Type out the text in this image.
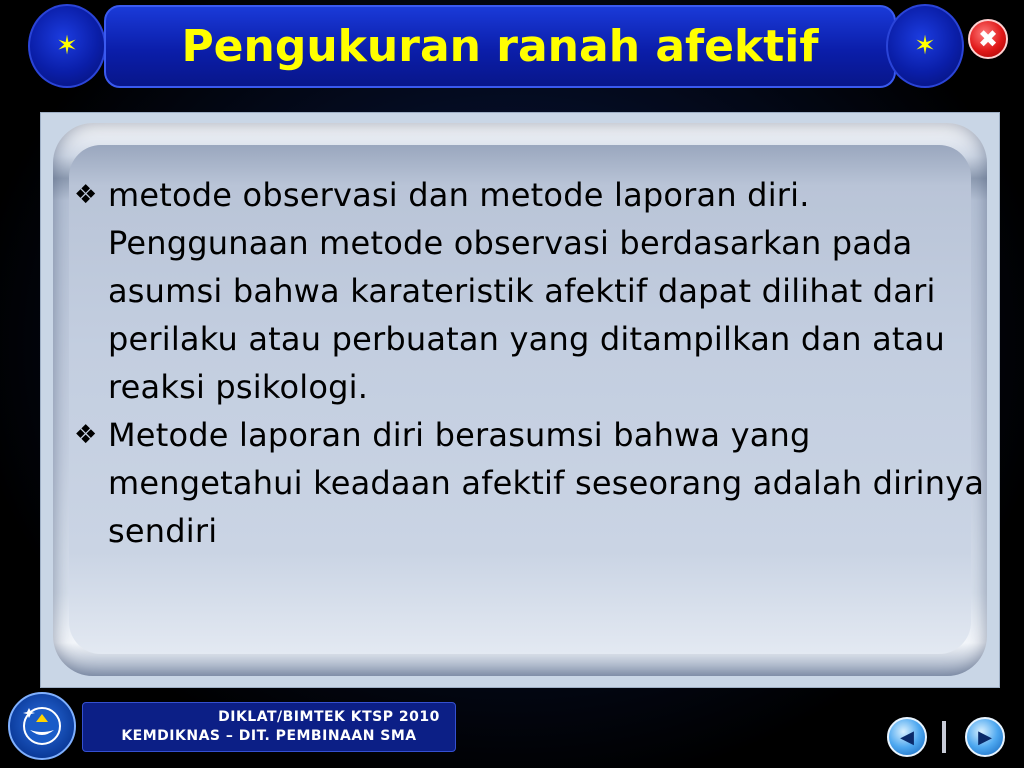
✶ Pengukuran ranah afektif	✶ ✖
❖ metode observasi dan metode laporan diri. Penggunaan metode observasi berdasarkan pada asumsi bahwa karateristik afektif dapat dilihat dari perilaku atau perbuatan yang ditampilkan dan atau reaksi psikologi.
❖ Metode laporan diri berasumsi bahwa yang mengetahui keadaan afektif seseorang adalah dirinya sendiri
DIKLAT/BIMTEK KTSP 2010
KEMDIKNAS – DIT. PEMBINAAN SMA	◀	▶
